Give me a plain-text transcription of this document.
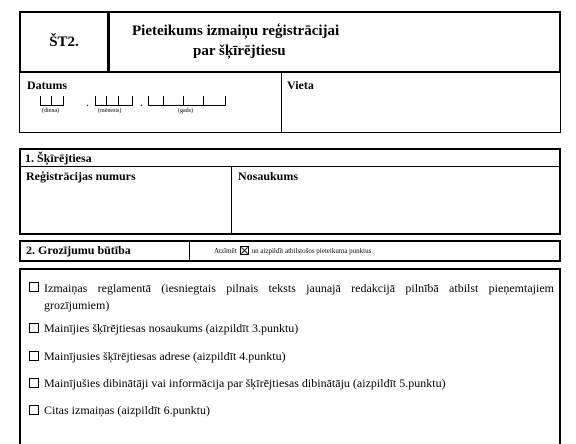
ŠT2.
Pieteikums izmaiņu reģistrācijai
par šķīrējtiesu
Datums	Vieta
(diena)
.
(mēnesis)
.
(gads)
1. Šķīrējtiesa
Reģistrācijas numurs	Nosaukums
2. Grozījumu būtība	Atzīmēt un aizpildīt atbilstošos pieteikuma punktus
Izmaiņas reglamentā (iesniegtais pilnais teksts jaunajā redakcijā pilnībā atbilst pieņemtajiem grozījumiem)
Mainījies šķīrējtiesas nosaukums (aizpildīt 3.punktu)
Mainījusies šķīrējtiesas adrese (aizpildīt 4.punktu)
Mainījušies dibinātāji vai informācija par šķīrējtiesas dibinātāju (aizpildīt 5.punktu)
Citas izmaiņas (aizpildīt 6.punktu)
